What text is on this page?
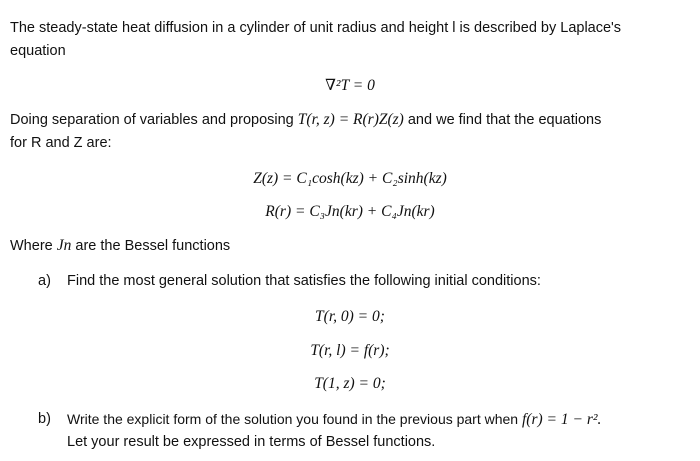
The steady-state heat diffusion in a cylinder of unit radius and height l is described by Laplace's
equation
∇²T = 0
Doing separation of variables and proposing T(r, z) = R(r)Z(z) and we find that the equations
for R and Z are:
Z(z) = C₁cosh(kz) + C₂sinh(kz)
R(r) = C₃Jn(kr) + C₄Jn(kr)
Where Jn are the Bessel functions
a) Find the most general solution that satisfies the following initial conditions:
T(r, 0) = 0;
T(r, l) = f(r);
T(1, z) = 0;
b) Write the explicit form of the solution you found in the previous part when f(r) = 1 − r².
Let your result be expressed in terms of Bessel functions.
